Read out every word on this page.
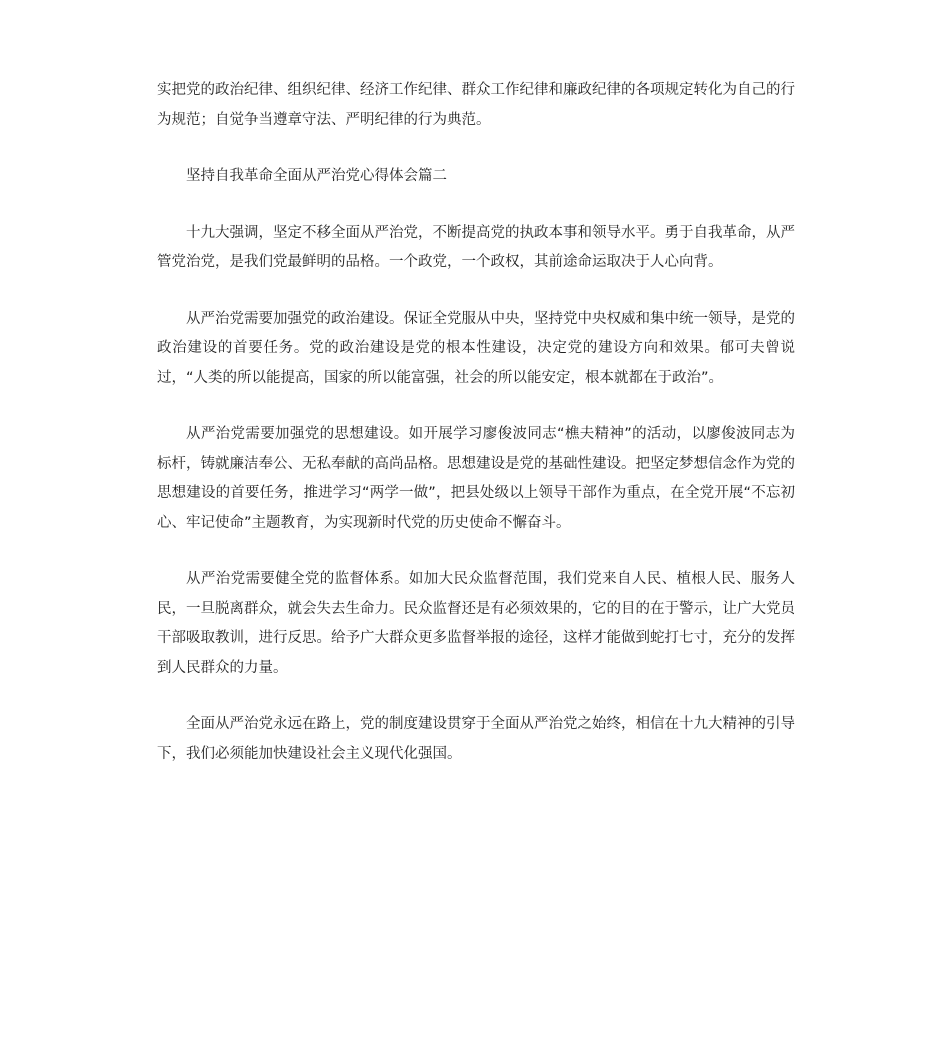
实把党的政治纪律、组织纪律、经济工作纪律、群众工作纪律和廉政纪律的各项规定转化为自己的行为规范；自觉争当遵章守法、严明纪律的行为典范。

坚持自我革命全面从严治党心得体会篇二

十九大强调，坚定不移全面从严治党，不断提高党的执政本事和领导水平。勇于自我革命，从严管党治党，是我们党最鲜明的品格。一个政党，一个政权，其前途命运取决于人心向背。

从严治党需要加强党的政治建设。保证全党服从中央，坚持党中央权威和集中统一领导，是党的政治建设的首要任务。党的政治建设是党的根本性建设，决定党的建设方向和效果。郁可夫曾说过，“人类的所以能提高，国家的所以能富强，社会的所以能安定，根本就都在于政治”。

从严治党需要加强党的思想建设。如开展学习廖俊波同志“樵夫精神”的活动，以廖俊波同志为标杆，铸就廉洁奉公、无私奉献的高尚品格。思想建设是党的基础性建设。把坚定梦想信念作为党的思想建设的首要任务，推进学习“两学一做”，把县处级以上领导干部作为重点，在全党开展“不忘初心、牢记使命”主题教育，为实现新时代党的历史使命不懈奋斗。

从严治党需要健全党的监督体系。如加大民众监督范围，我们党来自人民、植根人民、服务人民，一旦脱离群众，就会失去生命力。民众监督还是有必须效果的，它的目的在于警示，让广大党员干部吸取教训，进行反思。给予广大群众更多监督举报的途径，这样才能做到蛇打七寸，充分的发挥到人民群众的力量。

全面从严治党永远在路上，党的制度建设贯穿于全面从严治党之始终，相信在十九大精神的引导下，我们必须能加快建设社会主义现代化强国。
